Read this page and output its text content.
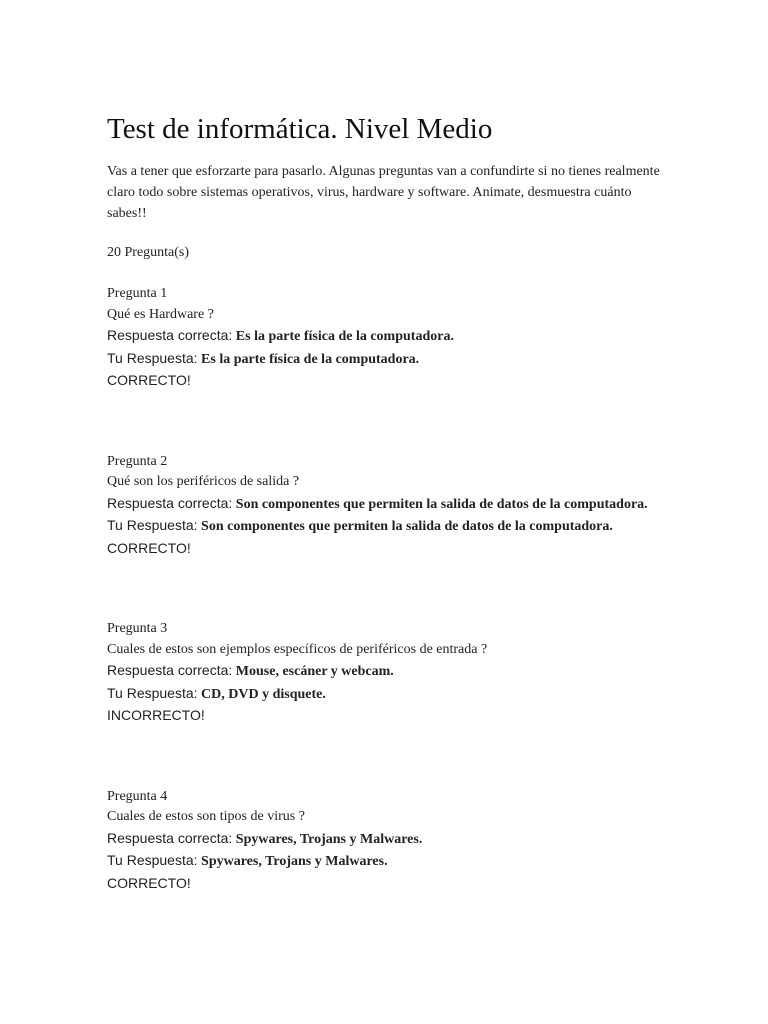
Test de informática. Nivel Medio
Vas a tener que esforzarte para pasarlo. Algunas preguntas van a confundirte si no tienes realmente claro todo sobre sistemas operativos, virus, hardware y software. Animate, desmuestra cuánto sabes!!
20 Pregunta(s)
Pregunta 1
Qué es Hardware ?
Respuesta correcta: Es la parte física de la computadora.
Tu Respuesta: Es la parte física de la computadora.
CORRECTO!
Pregunta 2
Qué son los periféricos de salida ?
Respuesta correcta: Son componentes que permiten la salida de datos de la computadora.
Tu Respuesta: Son componentes que permiten la salida de datos de la computadora.
CORRECTO!
Pregunta 3
Cuales de estos son ejemplos específicos de periféricos de entrada ?
Respuesta correcta: Mouse, escáner y webcam.
Tu Respuesta: CD, DVD y disquete.
INCORRECTO!
Pregunta 4
Cuales de estos son tipos de virus ?
Respuesta correcta: Spywares, Trojans y Malwares.
Tu Respuesta: Spywares, Trojans y Malwares.
CORRECTO!
